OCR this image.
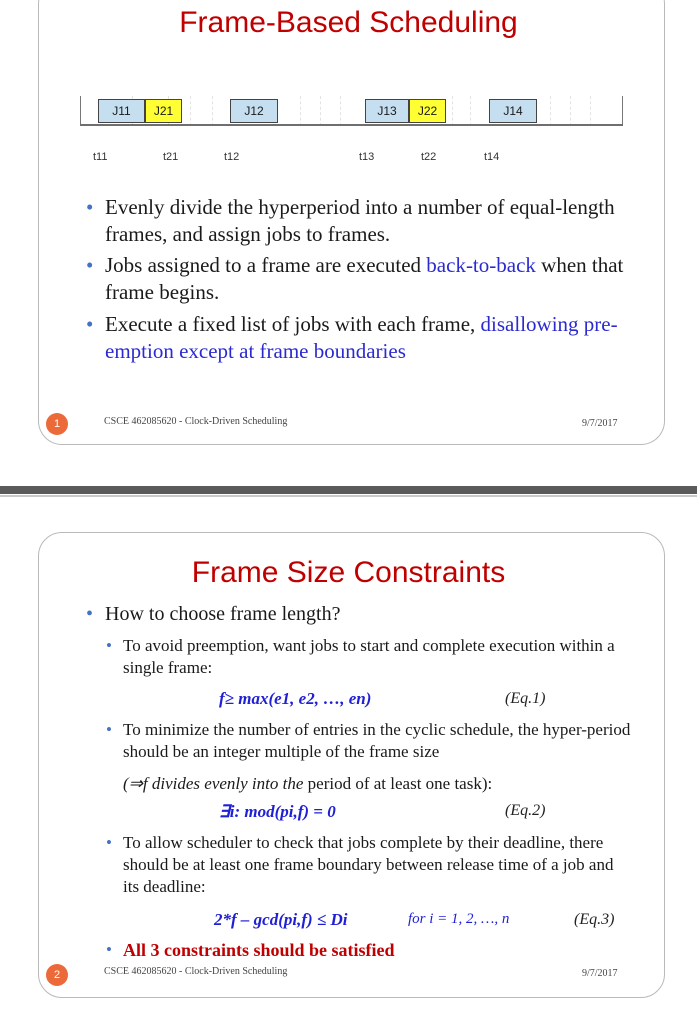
Frame-Based Scheduling
J11	J21	J12	J13	J22	J14
t11	t21	t12	t13	t22	t14
• Evenly divide the hyperperiod into a number of equal-length frames, and assign jobs to frames.
• Jobs assigned to a frame are executed back-to-back when that frame begins.
• Execute a fixed list of jobs with each frame, disallowing pre-emption except at frame boundaries
1	CSCE 462085620 - Clock-Driven Scheduling	9/7/2017
Frame Size Constraints
• How to choose frame length?
• To avoid preemption, want jobs to start and complete execution within a single frame:
f≥ max(e1, e2, …, en)	(Eq.1)
• To minimize the number of entries in the cyclic schedule, the hyper-period should be an integer multiple of the frame size
(⇒f divides evenly into the period of at least one task):
∃i: mod(pi,f) = 0	(Eq.2)
• To allow scheduler to check that jobs complete by their deadline, there should be at least one frame boundary between release time of a job and its deadline:
2*f – gcd(pi,f) ≤ Di	for i = 1, 2, …, n	(Eq.3)
• All 3 constraints should be satisfied
2	CSCE 462085620 - Clock-Driven Scheduling	9/7/2017
